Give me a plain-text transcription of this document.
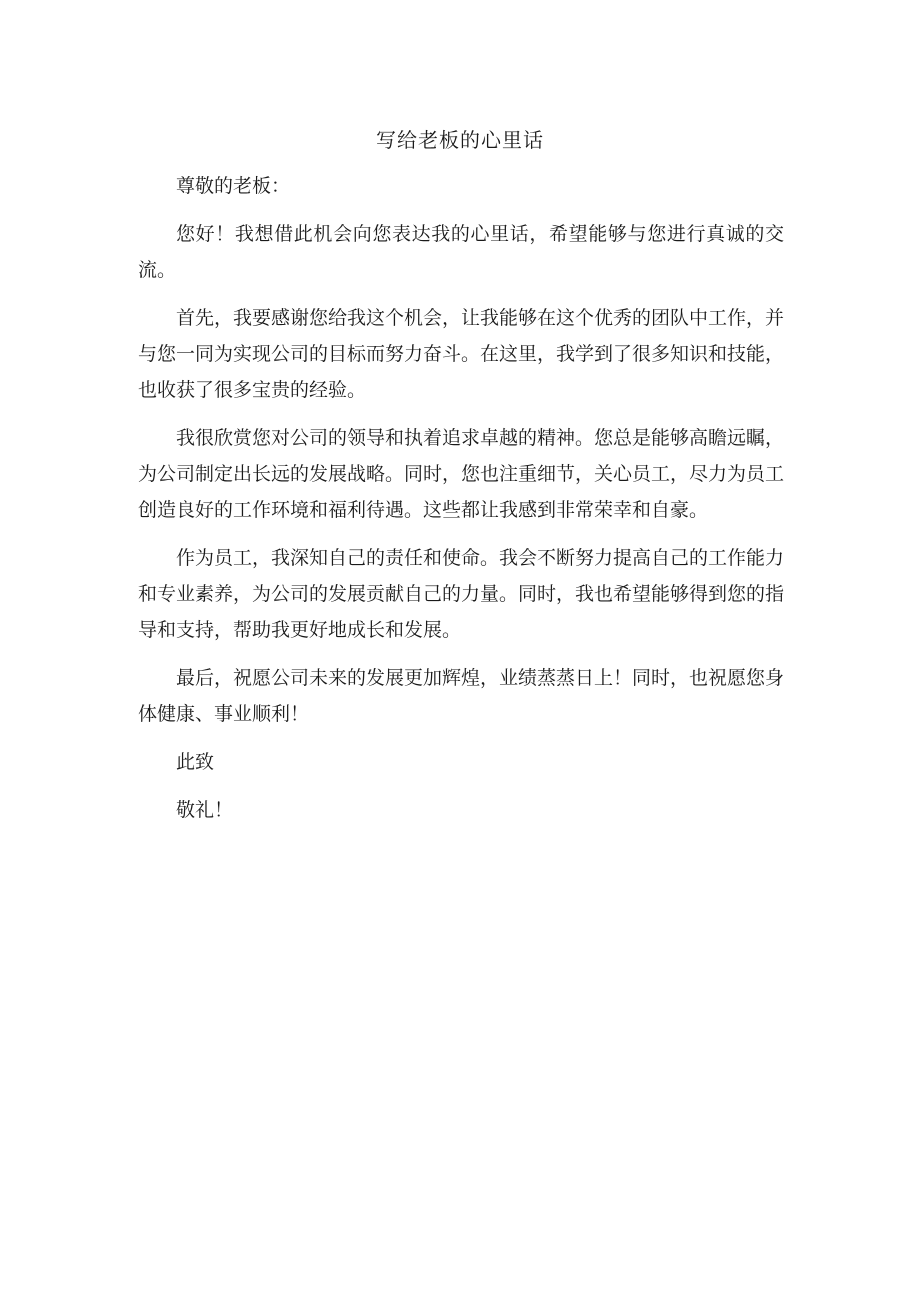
写给老板的心里话

尊敬的老板：

您好！我想借此机会向您表达我的心里话，希望能够与您进行真诚的交流。

首先，我要感谢您给我这个机会，让我能够在这个优秀的团队中工作，并与您一同为实现公司的目标而努力奋斗。在这里，我学到了很多知识和技能，也收获了很多宝贵的经验。

我很欣赏您对公司的领导和执着追求卓越的精神。您总是能够高瞻远瞩，为公司制定出长远的发展战略。同时，您也注重细节，关心员工，尽力为员工创造良好的工作环境和福利待遇。这些都让我感到非常荣幸和自豪。

作为员工，我深知自己的责任和使命。我会不断努力提高自己的工作能力和专业素养，为公司的发展贡献自己的力量。同时，我也希望能够得到您的指导和支持，帮助我更好地成长和发展。

最后，祝愿公司未来的发展更加辉煌，业绩蒸蒸日上！同时，也祝愿您身体健康、事业顺利！

此致

敬礼！
